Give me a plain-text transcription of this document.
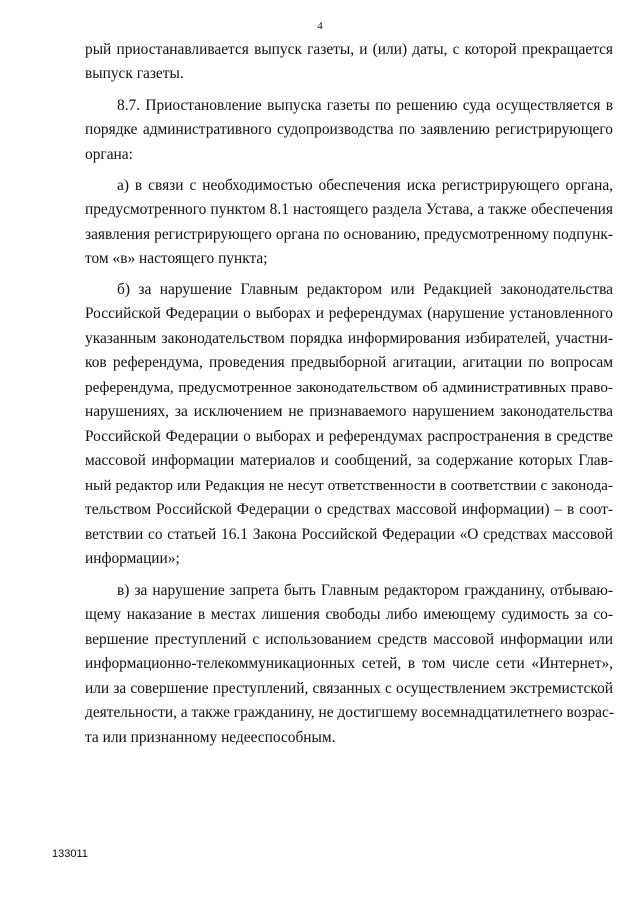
4
рый приостанавливается выпуск газеты, и (или) даты, с которой прекращается
выпуск газеты.
8.7. Приостановление выпуска газеты по решению суда осуществляется в
порядке административного судопроизводства по заявлению регистрирующего
органа:
а) в связи с необходимостью обеспечения иска регистрирующего органа,
предусмотренного пунктом 8.1 настоящего раздела Устава, а также обеспечения
заявления регистрирующего органа по основанию, предусмотренному подпунк-
том «в» настоящего пункта;
б) за нарушение Главным редактором или Редакцией законодательства
Российской Федерации о выборах и референдумах (нарушение установленного
указанным законодательством порядка информирования избирателей, участни-
ков референдума, проведения предвыборной агитации, агитации по вопросам
референдума, предусмотренное законодательством об административных право-
нарушениях, за исключением не признаваемого нарушением законодательства
Российской Федерации о выборах и референдумах распространения в средстве
массовой информации материалов и сообщений, за содержание которых Глав-
ный редактор или Редакция не несут ответственности в соответствии с законода-
тельством Российской Федерации о средствах массовой информации) – в соот-
ветствии со статьей 16.1 Закона Российской Федерации «О средствах массовой
информации»;
в) за нарушение запрета быть Главным редактором гражданину, отбываю-
щему наказание в местах лишения свободы либо имеющему судимость за со-
вершение преступлений с использованием средств массовой информации или
информационно-телекоммуникационных сетей, в том числе сети «Интернет»,
или за совершение преступлений, связанных с осуществлением экстремистской
деятельности, а также гражданину, не достигшему восемнадцатилетнего возрас-
та или признанному недееспособным.
133011
